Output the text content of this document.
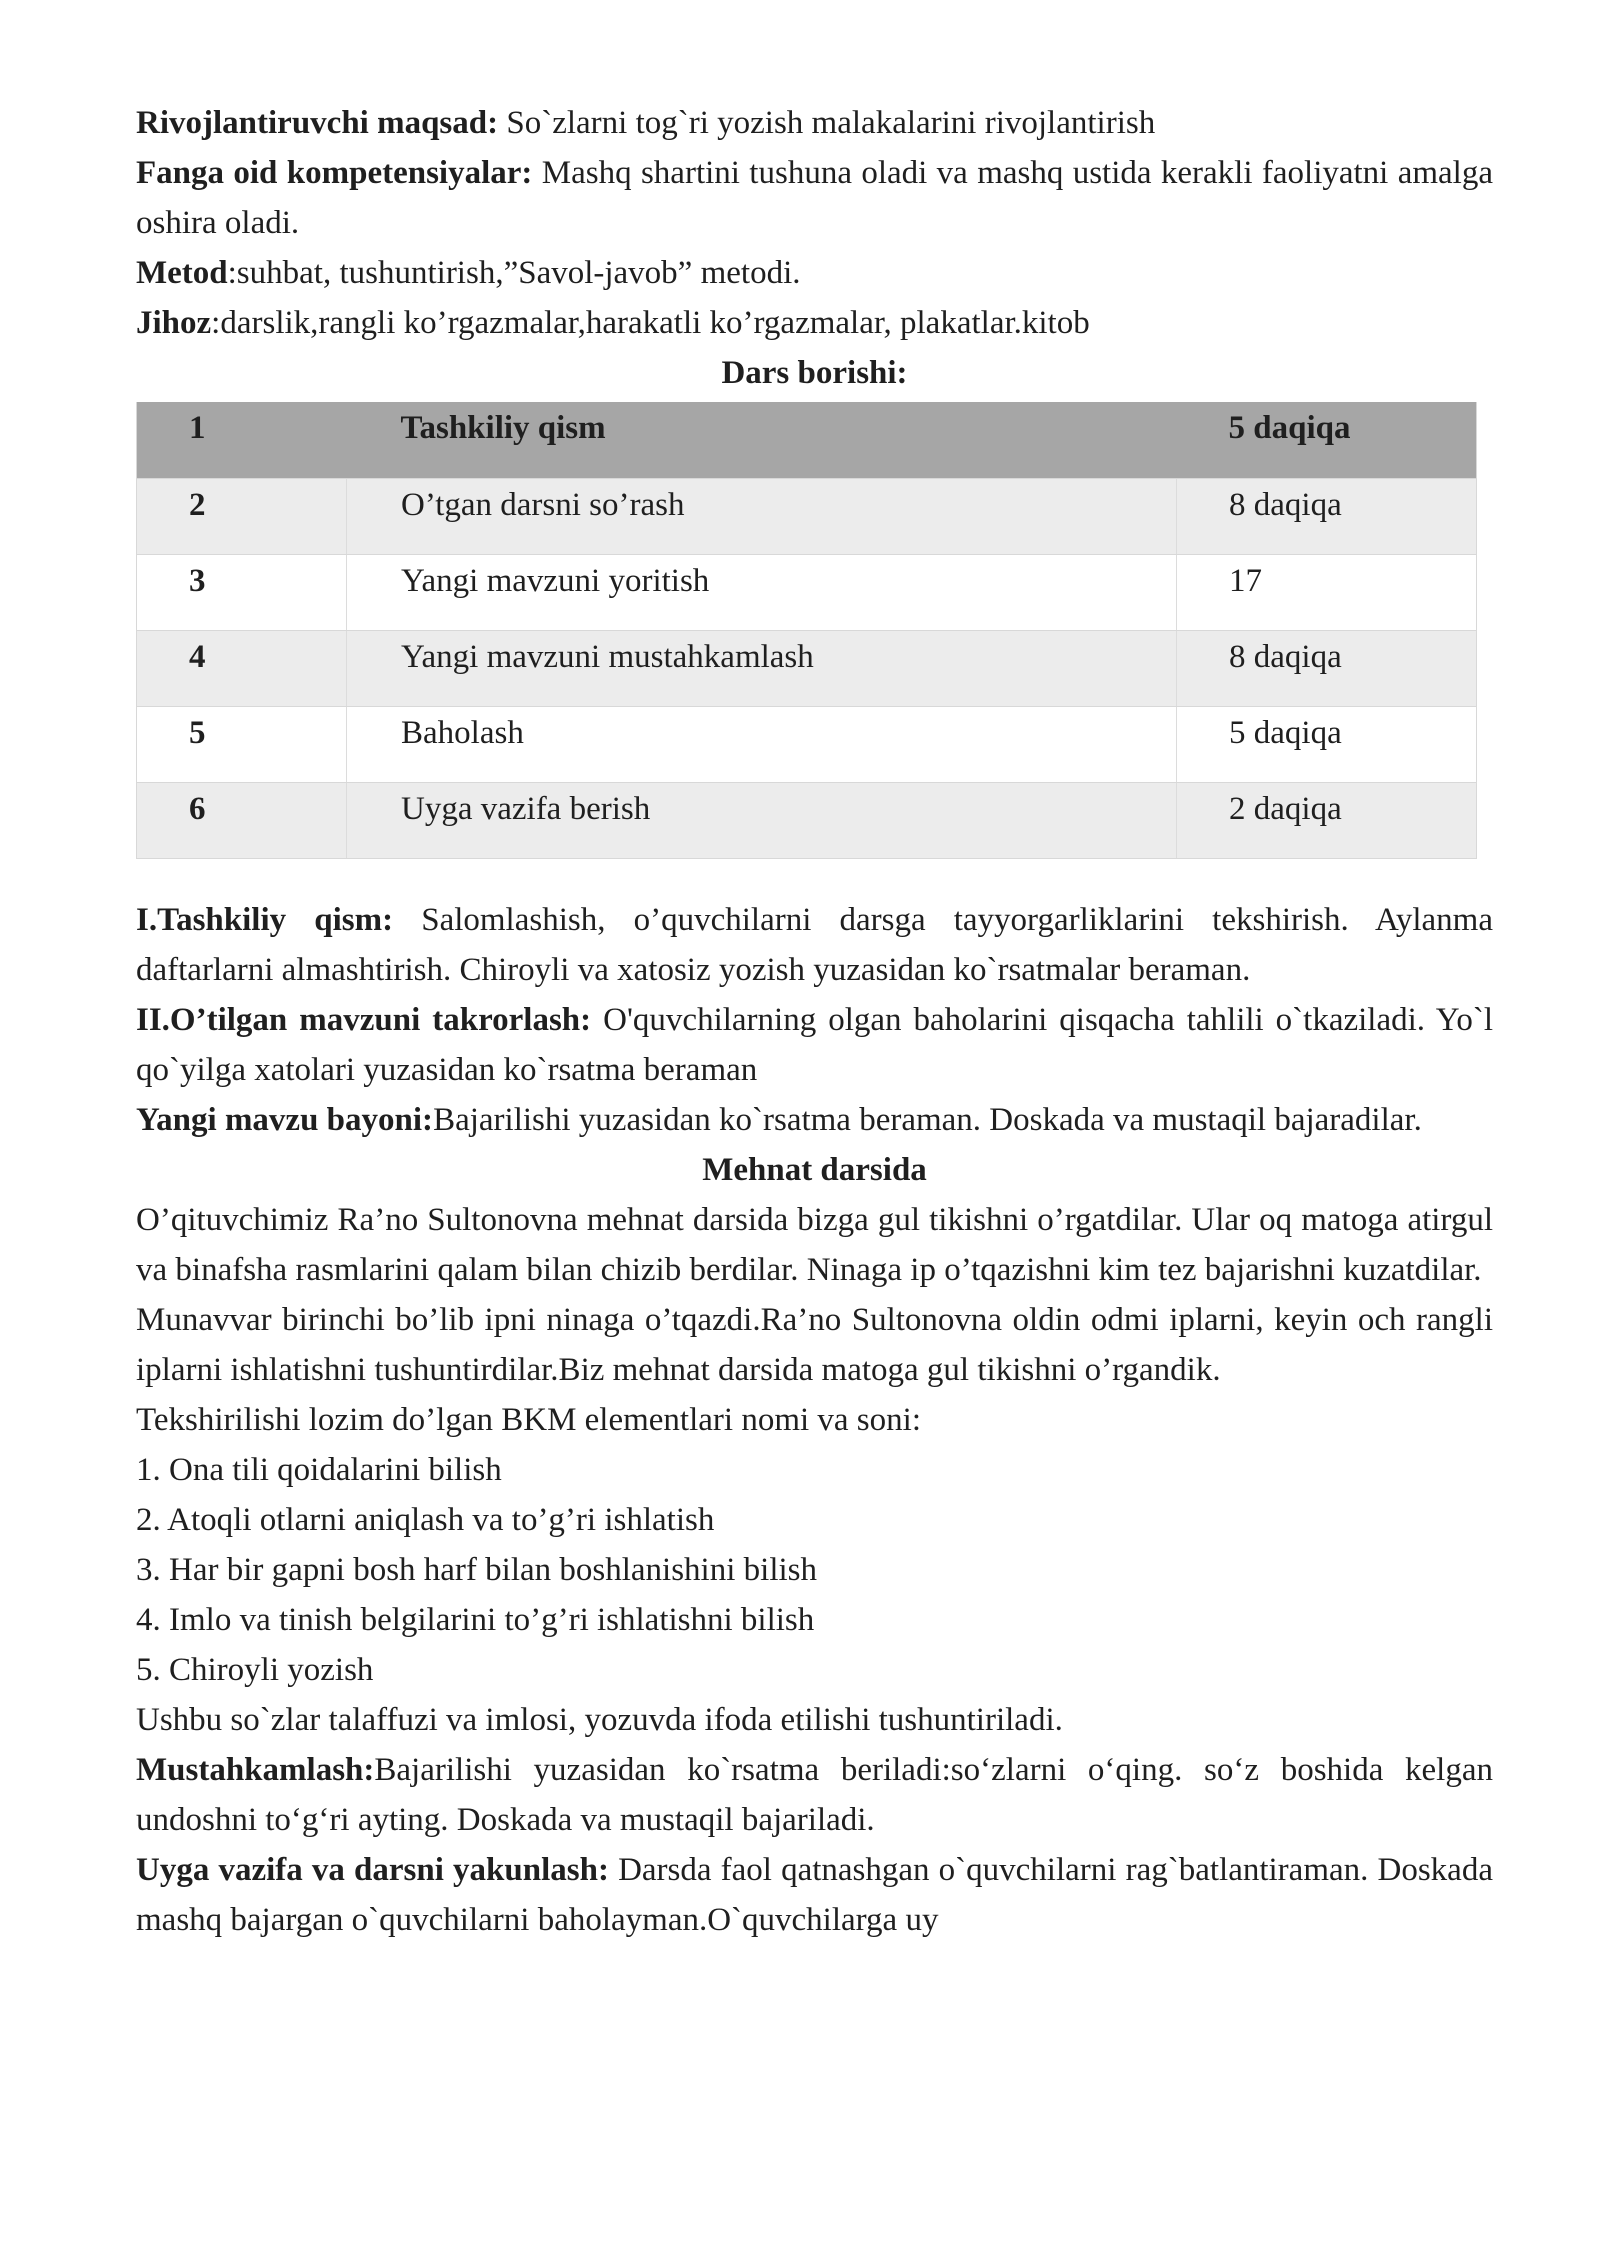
Rivojlantiruvchi maqsad: So`zlarni tog`ri yozish malakalarini rivojlantirish

Fanga oid kompetensiyalar: Mashq shartini tushuna oladi va mashq ustida kerakli faoliyatni amalga oshira oladi.

Metod:suhbat, tushuntirish,”Savol-javob” metodi.

Jihoz:darslik,rangli ko’rgazmalar,harakatli ko’rgazmalar, plakatlar.kitob

Dars borishi:

1	Tashkiliy qism	5 daqiqa
2	O’tgan darsni so’rash	8 daqiqa
3	Yangi mavzuni yoritish	17
4	Yangi mavzuni mustahkamlash	8 daqiqa
5	Baholash	5 daqiqa
6	Uyga vazifa berish	2 daqiqa

I.Tashkiliy qism: Salomlashish, o’quvchilarni darsga tayyorgarliklarini tekshirish. Aylanma daftarlarni almashtirish. Chiroyli va xatosiz yozish yuzasidan ko`rsatmalar beraman.

II.O’tilgan mavzuni takrorlash: O'quvchilarning olgan baholarini qisqacha tahlili o`tkaziladi. Yo`l qo`yilga xatolari yuzasidan ko`rsatma beraman

Yangi mavzu bayoni:Bajarilishi yuzasidan ko`rsatma beraman. Doskada va mustaqil bajaradilar.

Mehnat darsida

O’qituvchimiz Ra’no Sultonovna mehnat darsida bizga gul tikishni o’rgatdilar. Ular oq matoga atirgul va binafsha rasmlarini qalam bilan chizib berdilar. Ninaga ip o’tqazishni kim tez bajarishni kuzatdilar.

Munavvar birinchi bo’lib ipni ninaga o’tqazdi.Ra’no Sultonovna oldin odmi iplarni, keyin och rangli iplarni ishlatishni tushuntirdilar.Biz mehnat darsida matoga gul tikishni o’rgandik.

Tekshirilishi lozim do’lgan BKM elementlari nomi va soni:

1. Ona tili qoidalarini bilish

2. Atoqli otlarni aniqlash va to’g’ri ishlatish

3. Har bir gapni bosh harf bilan boshlanishini bilish

4. Imlo va tinish belgilarini to’g’ri ishlatishni bilish

5. Chiroyli yozish

Ushbu so`zlar talaffuzi va imlosi, yozuvda ifoda etilishi tushuntiriladi.

Mustahkamlash:Bajarilishi yuzasidan ko`rsatma beriladi:so‘zlarni o‘qing. so‘z boshida kelgan undoshni to‘g‘ri ayting. Doskada va mustaqil bajariladi.

Uyga vazifa va darsni yakunlash: Darsda faol qatnashgan o`quvchilarni rag`batlantiraman. Doskada mashq bajargan o`quvchilarni baholayman.O`quvchilarga uy
